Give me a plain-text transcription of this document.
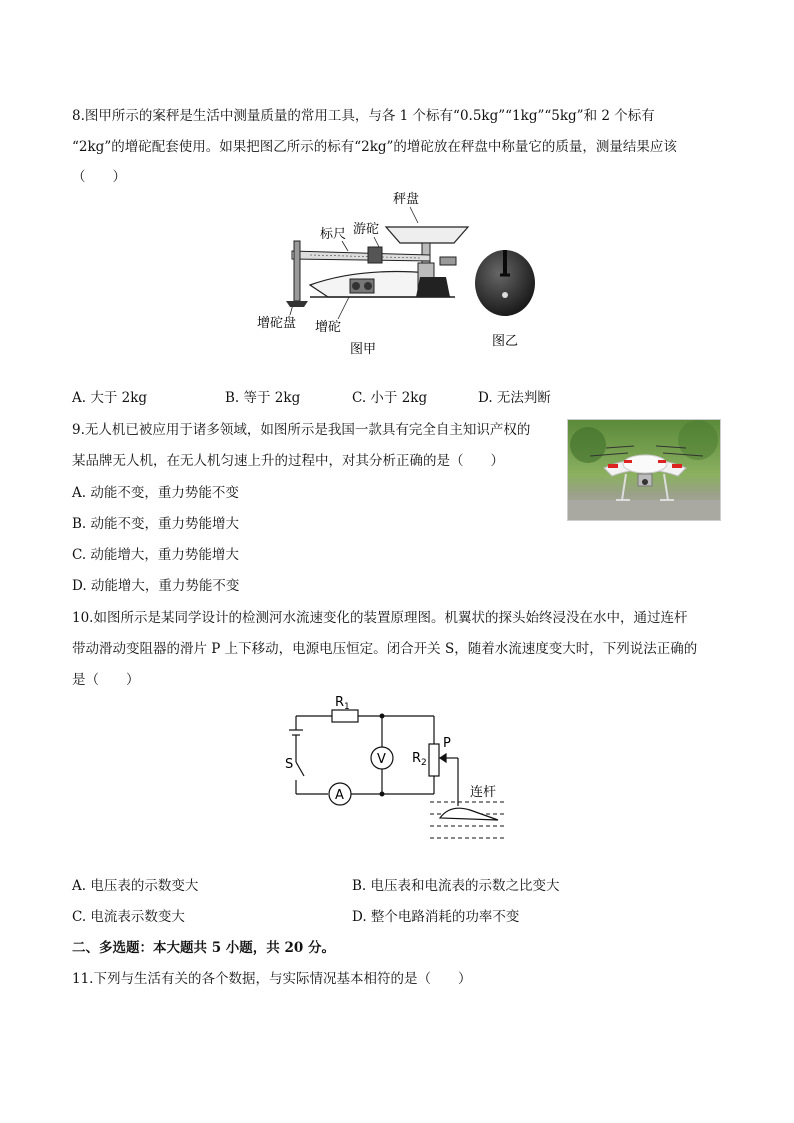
8.图甲所示的案秤是生活中测量质量的常用工具，与各 1 个标有“0.5kg”“1kg”“5kg”和 2 个标有
“2kg”的增砣配套使用。如果把图乙所示的标有“2kg”的增砣放在秤盘中称量它的质量，测量结果应该
（　　）
秤盘
游砣
标尺
增砣盘 增砣
图甲
图乙
A. 大于 2kg	B. 等于 2kg	C. 小于 2kg	D. 无法判断
9.无人机已被应用于诸多领域，如图所示是我国一款具有完全自主知识产权的
某品牌无人机，在无人机匀速上升的过程中，对其分析正确的是（　　）
A. 动能不变，重力势能不变
B. 动能不变，重力势能增大
C. 动能增大，重力势能增大
D. 动能增大，重力势能不变
10.如图所示是某同学设计的检测河水流速变化的装置原理图。机翼状的探头始终浸没在水中，通过连杆
带动滑动变阻器的滑片 P 上下移动，电源电压恒定。闭合开关 S，随着水流速度变大时，下列说法正确的
是（　　）
$R_1$
$R_2$
P
S	V
A	连杆
A. 电压表的示数变大	B. 电压表和电流表的示数之比变大
C. 电流表示数变大	D. 整个电路消耗的功率不变
二、多选题：本大题共 5 小题，共 20 分。
11.下列与生活有关的各个数据，与实际情况基本相符的是（　　）
